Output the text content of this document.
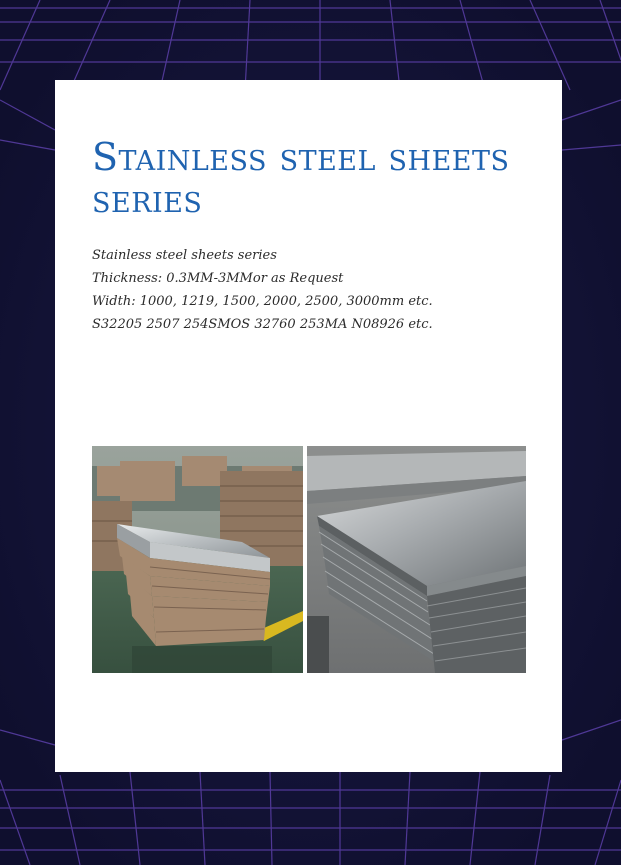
Stainless steel sheets series
Stainless steel sheets series
Thickness: 0.3MM-3MMor as Request
Width: 1000, 1219, 1500, 2000, 2500, 3000mm etc.
S32205 2507 254SMOS 32760 253MA N08926 etc.
